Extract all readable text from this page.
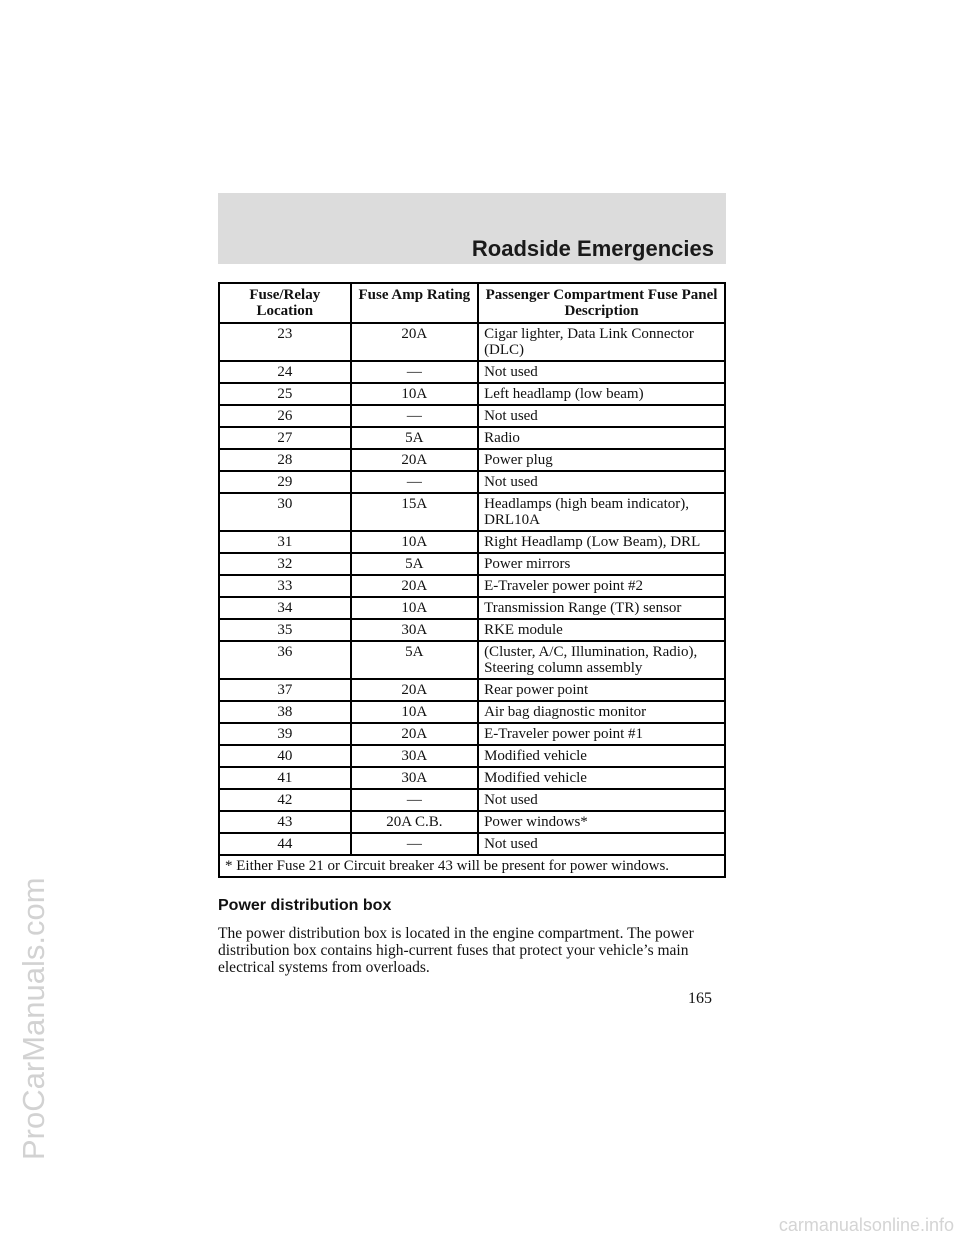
ProCarManuals.com
Roadside Emergencies
Fuse/Relay Location	Fuse Amp Rating	Passenger Compartment Fuse Panel Description
23	20A	Cigar lighter, Data Link Connector (DLC)
24	—	Not used
25	10A	Left headlamp (low beam)
26	—	Not used
27	5A	Radio
28	20A	Power plug
29	—	Not used
30	15A	Headlamps (high beam indicator), DRL10A
31	10A	Right Headlamp (Low Beam), DRL
32	5A	Power mirrors
33	20A	E-Traveler power point #2
34	10A	Transmission Range (TR) sensor
35	30A	RKE module
36	5A	(Cluster, A/C, Illumination, Radio), Steering column assembly
37	20A	Rear power point
38	10A	Air bag diagnostic monitor
39	20A	E-Traveler power point #1
40	30A	Modified vehicle
41	30A	Modified vehicle
42	—	Not used
43	20A C.B.	Power windows*
44	—	Not used
* Either Fuse 21 or Circuit breaker 43 will be present for power windows.		
Power distribution box
The power distribution box is located in the engine compartment. The power distribution box contains high-current fuses that protect your vehicle’s main electrical systems from overloads.
165
carmanualsonline.info
